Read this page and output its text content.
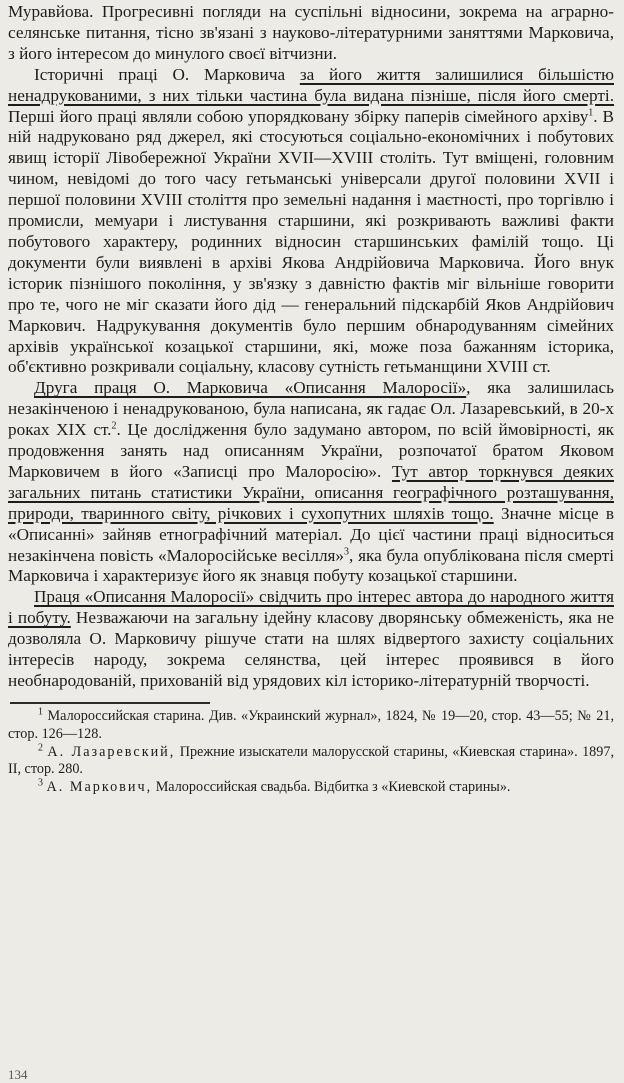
Муравйова. Прогресивні погляди на суспільні відносини, зокрема на аграрно-селянське питання, тісно зв'язані з науково-літературними заняттями Марковича, з його інтересом до минулого своєї вітчизни.

Історичні праці О. Марковича за його життя залишилися більшістю ненадрукованими, з них тільки частина була видана пізніше, після його смерті. Перші його праці являли собою упорядковану збірку паперів сімейного архіву$^1$. В ній надруковано ряд джерел, які стосуються соціально-економічних і побутових явищ історії Лівобережної України XVII—XVIII століть. Тут вміщені, головним чином, невідомі до того часу гетьманські універсали другої половини XVII і першої половини XVIII століття про земельні надання і маєтності, про торгівлю і промисли, мемуари і листування старшини, які розкривають важливі факти побутового характеру, родинних відносин старшинських фамілій тощо. Ці документи були виявлені в архіві Якова Андрійовича Марковича. Його внук історик пізнішого покоління, у зв'язку з давністю фактів міг вільніше говорити про те, чого не міг сказати його дід — генеральний підскарбій Яков Андрійович Маркович. Надрукування документів було першим обнародуванням сімейних архівів української козацької старшини, які, може поза бажанням історика, об'єктивно розкривали соціальну, класову сутність гетьманщини XVIII ст.

Друга праця О. Марковича «Описання Малоросії», яка залишилась незакінченою і ненадрукованою, була написана, як гадає Ол. Лазаревський, в 20-х роках XIX ст.$^2$. Це дослідження було задумано автором, по всій ймовірності, як продовження занять над описанням України, розпочатої братом Яковом Марковичем в його «Записці про Малоросію». Тут автор торкнувся деяких загальних питань статистики України, описання географічного розташування, природи, тваринного світу, річкових і сухопутних шляхів тощо. Значне місце в «Описанні» зайняв етнографічний матеріал. До цієї частини праці відноситься незакінчена повість «Малоросійське весілля»$^3$, яка була опублікована після смерті Марковича і характеризує його як знавця побуту козацької старшини.

Праця «Описання Малоросії» свідчить про інтерес автора до народного життя і побуту. Незважаючи на загальну ідейну класову дворянську обмеженість, яка не дозволяла О. Марковичу рішуче стати на шлях відвертого захисту соціальних інтересів народу, зокрема селянства, цей інтерес проявився в його необнародованій, прихованій від урядових кіл історико-літературній творчості.

$^1$ Малороссийская старина. Див. «Украинский журнал», 1824, № 19—20, стор. 43—55; № 21, стор. 126—128.

$^2$ А. Лазаревский, Прежние изыскатели малорусской старины, «Киевская старина». 1897, II, стор. 280.

$^3$ А. Маркович, Малороссийская свадьба. Відбитка з «Киевской старины».

134
